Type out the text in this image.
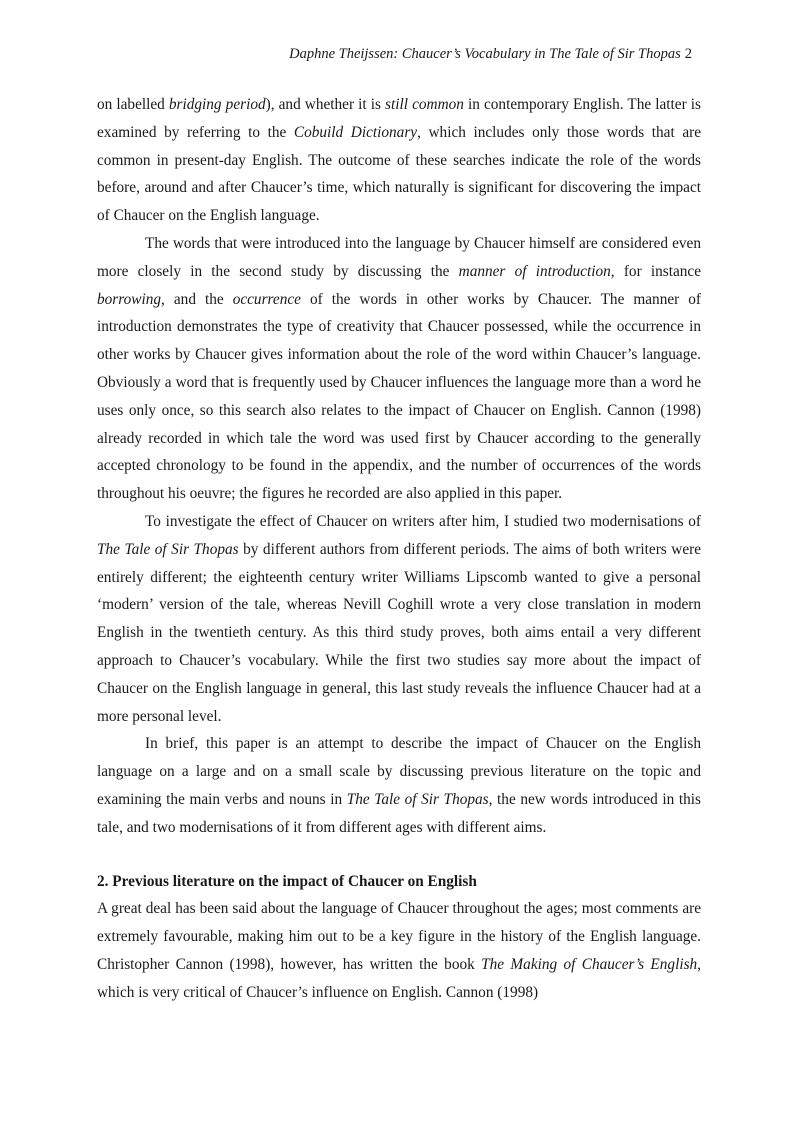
Daphne Theijssen: Chaucer’s Vocabulary in The Tale of Sir Thopas 2

on labelled bridging period), and whether it is still common in contemporary English. The latter is examined by referring to the Cobuild Dictionary, which includes only those words that are common in present-day English. The outcome of these searches indicate the role of the words before, around and after Chaucer’s time, which naturally is significant for discovering the impact of Chaucer on the English language.

The words that were introduced into the language by Chaucer himself are considered even more closely in the second study by discussing the manner of introduction, for instance borrowing, and the occurrence of the words in other works by Chaucer. The manner of introduction demonstrates the type of creativity that Chaucer possessed, while the occurrence in other works by Chaucer gives information about the role of the word within Chaucer’s language. Obviously a word that is frequently used by Chaucer influences the language more than a word he uses only once, so this search also relates to the impact of Chaucer on English. Cannon (1998) already recorded in which tale the word was used first by Chaucer according to the generally accepted chronology to be found in the appendix, and the number of occurrences of the words throughout his oeuvre; the figures he recorded are also applied in this paper.

To investigate the effect of Chaucer on writers after him, I studied two modernisations of The Tale of Sir Thopas by different authors from different periods. The aims of both writers were entirely different; the eighteenth century writer Williams Lipscomb wanted to give a personal ‘modern’ version of the tale, whereas Nevill Coghill wrote a very close translation in modern English in the twentieth century. As this third study proves, both aims entail a very different approach to Chaucer’s vocabulary. While the first two studies say more about the impact of Chaucer on the English language in general, this last study reveals the influence Chaucer had at a more personal level.

In brief, this paper is an attempt to describe the impact of Chaucer on the English language on a large and on a small scale by discussing previous literature on the topic and examining the main verbs and nouns in The Tale of Sir Thopas, the new words introduced in this tale, and two modernisations of it from different ages with different aims.

2. Previous literature on the impact of Chaucer on English

A great deal has been said about the language of Chaucer throughout the ages; most comments are extremely favourable, making him out to be a key figure in the history of the English language. Christopher Cannon (1998), however, has written the book The Making of Chaucer’s English, which is very critical of Chaucer’s influence on English. Cannon (1998)
